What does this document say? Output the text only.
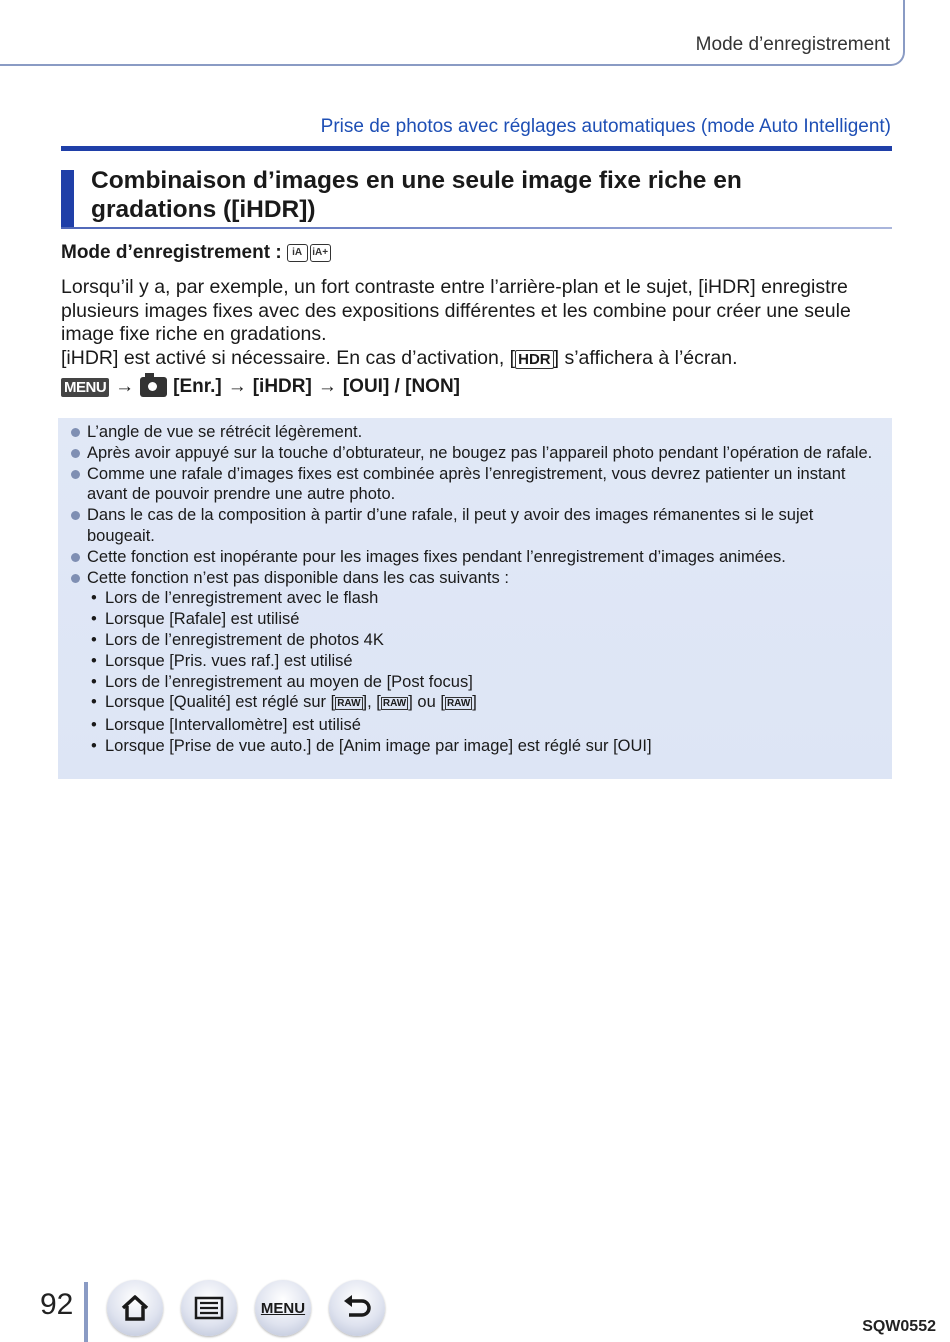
Mode d’enregistrement
Prise de photos avec réglages automatiques (mode Auto Intelligent)
Combinaison d’images en une seule image fixe riche en gradations ([iHDR])
Mode d’enregistrement :	iA	iA+

Lorsqu’il y a, par exemple, un fort contraste entre l’arrière-plan et le sujet, [iHDR] enregistre plusieurs images fixes avec des expositions différentes et les combine pour créer une seule image fixe riche en gradations.

[iHDR] est activé si nécessaire. En cas d’activation, [ HDR ] s’affichera à l’écran.

MENU → [Enr.] → [iHDR] → [OUI] / [NON]
L’angle de vue se rétrécit légèrement.
Après avoir appuyé sur la touche d’obturateur, ne bougez pas l’appareil photo pendant l’opération de rafale.
Comme une rafale d’images fixes est combinée après l’enregistrement, vous devrez patienter un instant avant de pouvoir prendre une autre photo.
Dans le cas de la composition à partir d’une rafale, il peut y avoir des images rémanentes si le sujet bougeait.
Cette fonction est inopérante pour les images fixes pendant l’enregistrement d’images animées.
Cette fonction n’est pas disponible dans les cas suivants :
• Lors de l’enregistrement avec le flash
• Lorsque [Rafale] est utilisé
• Lors de l’enregistrement de photos 4K
• Lorsque [Pris. vues raf.] est utilisé
• Lors de l’enregistrement au moyen de [Post focus]
• Lorsque [Qualité] est réglé sur [ RAW ], [ RAW ] ou [ RAW ]
• Lorsque [Intervallomètre] est utilisé
• Lorsque [Prise de vue auto.] de [Anim image par image] est réglé sur [OUI]
92	MENU
SQW0552
